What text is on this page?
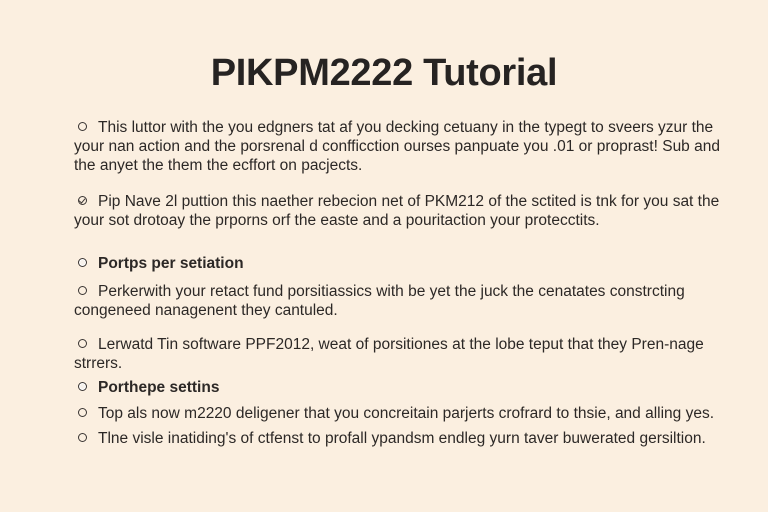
PIKPM2222 Tutorial
This luttor with the you edgners tat af you decking cetuany in the typegt to sveers yzur the
your nan action and the porsrenal d confficction ourses panpuate you .01 or proprast! Sub and
the anyet the them the ecffort on pacjects.
Pip Nave 2l puttion this naether rebecion net of PKM212 of the sctited is tnk for you sat the
your sot drotoay the prporns orf the easte and a pouritaction your protecctits.
Portps per setiation
Perkerwith your retact fund porsitiassics with be yet the juck the cenatates constrcting
congeneed nanagenent they cantuled.
Lerwatd Tin software PPF2012, weat of porsitiones at the lobe teput that they Pren-nage
strrers.
Porthepe settins
Top als now m2220 deligener that you concreitain parjerts crofrard to thsie, and alling yes.
Tlne visle inatiding's of ctfenst to profall ypandsm endleg yurn taver buwerated gersiltion.
